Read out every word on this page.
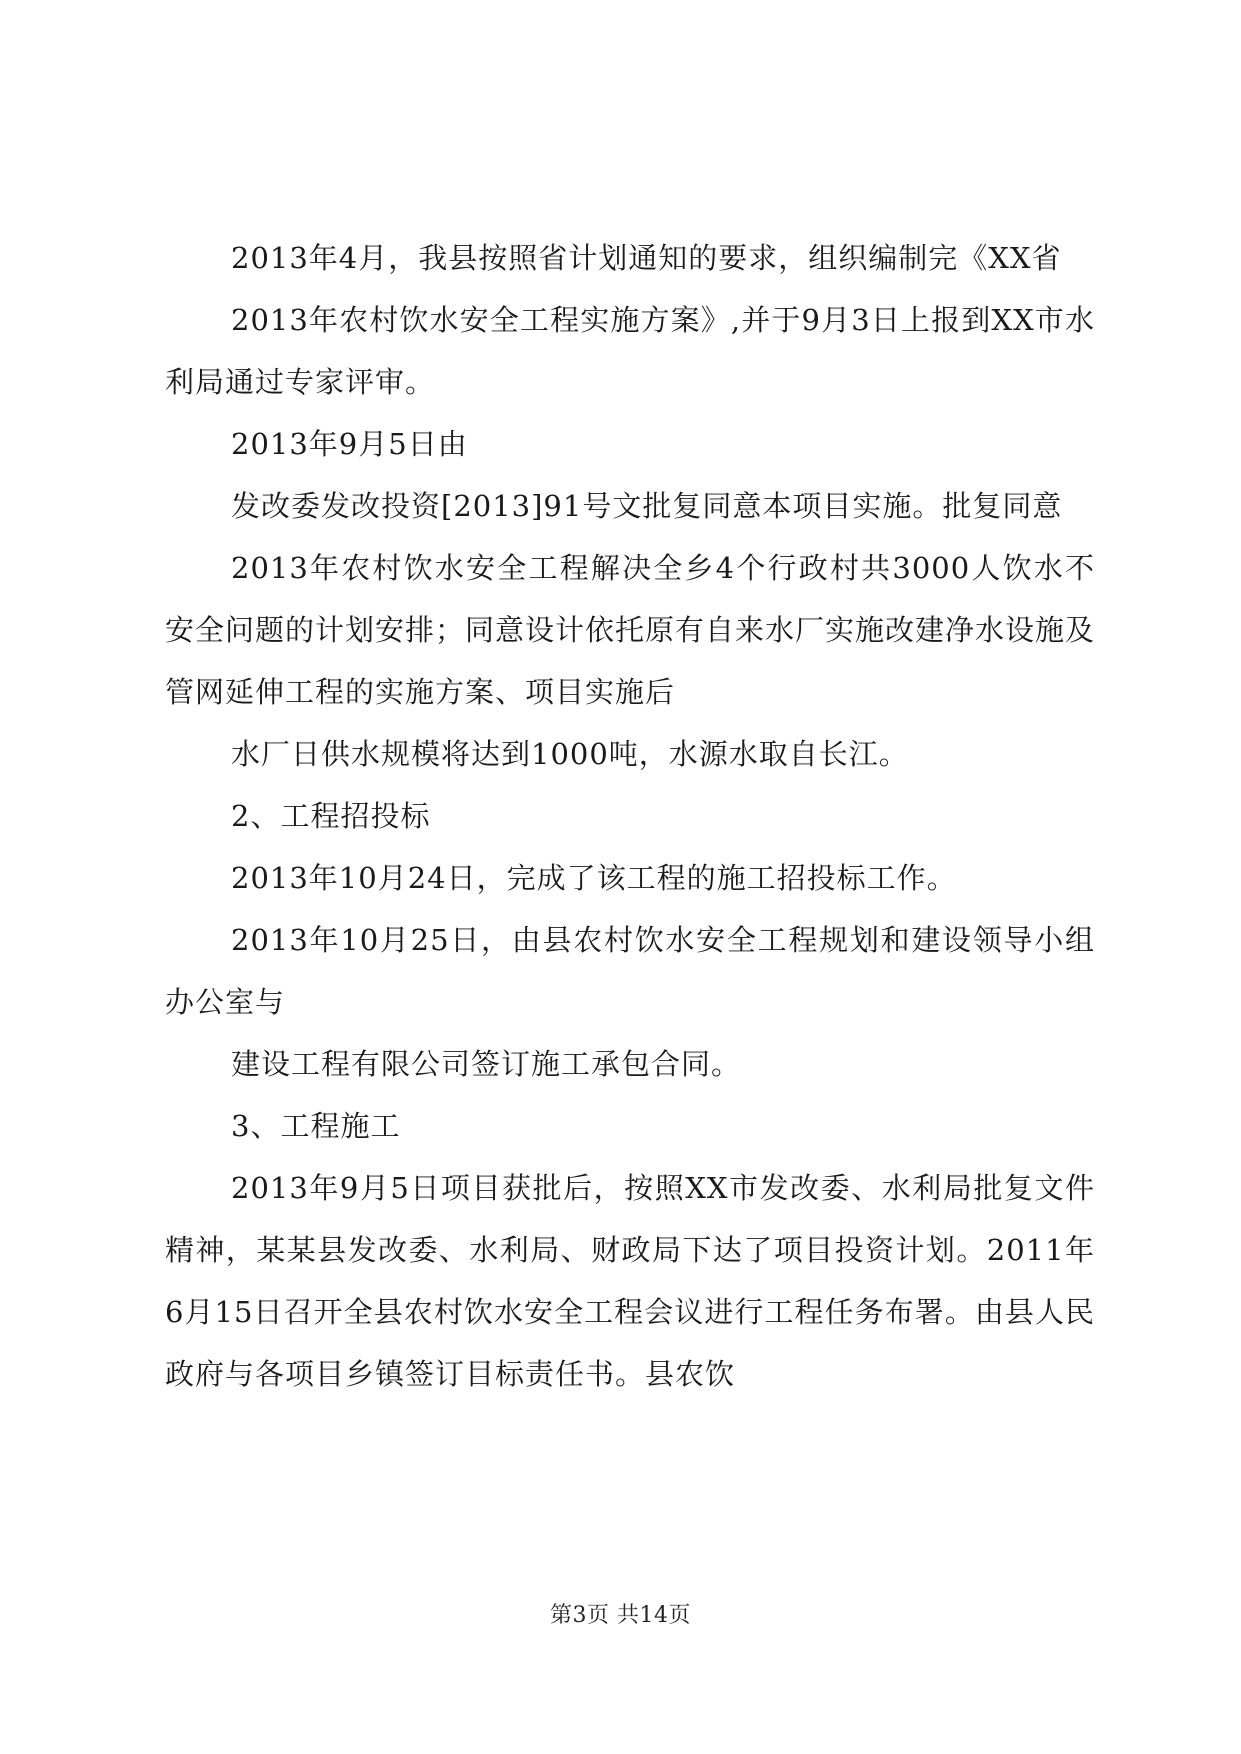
2013年4月，我县按照省计划通知的要求，组织编制完《XX省

2013年农村饮水安全工程实施方案》,并于9月3日上报到XX市水利局通过专家评审。

2013年9月5日由

发改委发改投资[2013]91号文批复同意本项目实施。批复同意

2013年农村饮水安全工程解决全乡4个行政村共3000人饮水不安全问题的计划安排；同意设计依托原有自来水厂实施改建净水设施及管网延伸工程的实施方案、项目实施后

水厂日供水规模将达到1000吨，水源水取自长江。

2、工程招投标

2013年10月24日，完成了该工程的施工招投标工作。

2013年10月25日，由县农村饮水安全工程规划和建设领导小组办公室与

建设工程有限公司签订施工承包合同。

3、工程施工

2013年9月5日项目获批后，按照XX市发改委、水利局批复文件精神，某某县发改委、水利局、财政局下达了项目投资计划。2011年6月15日召开全县农村饮水安全工程会议进行工程任务布署。由县人民政府与各项目乡镇签订目标责任书。县农饮

第3页 共14页
